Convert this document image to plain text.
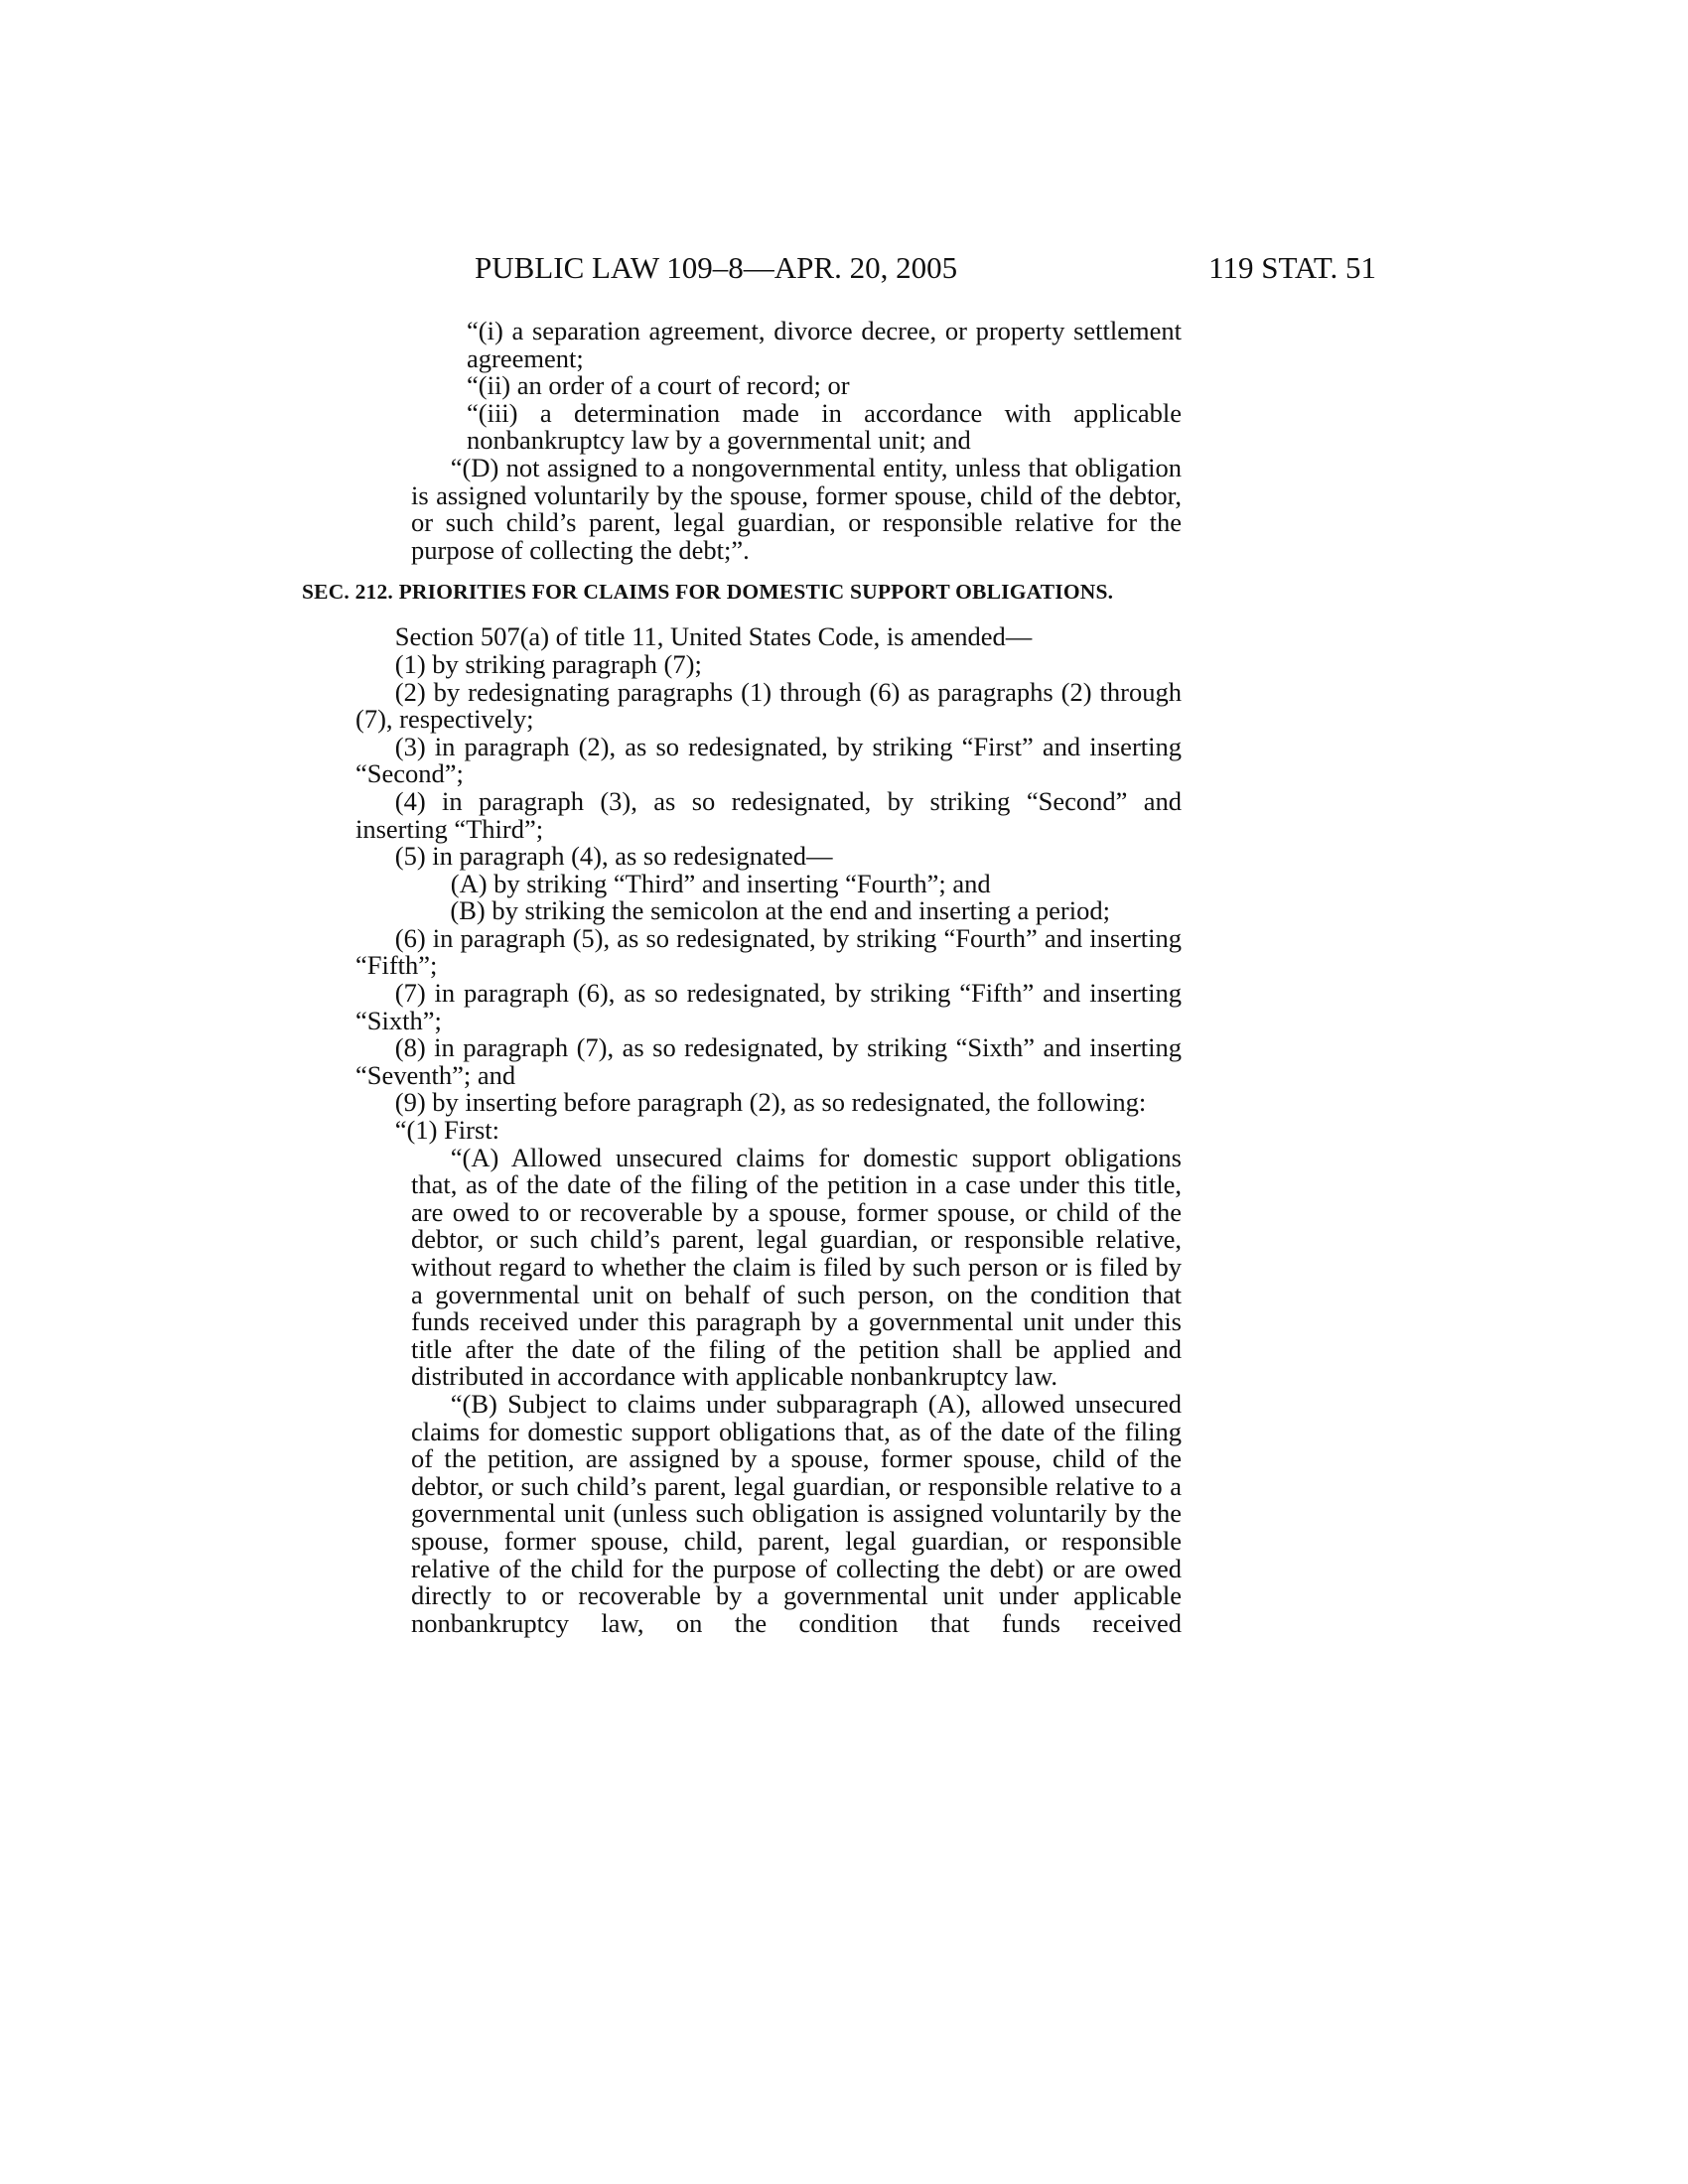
PUBLIC LAW 109–8—APR. 20, 2005	119 STAT. 51

“(i) a separation agreement, divorce decree, or property settlement agreement;

“(ii) an order of a court of record; or

“(iii) a determination made in accordance with applicable nonbankruptcy law by a governmental unit; and

“(D) not assigned to a nongovernmental entity, unless that obligation is assigned voluntarily by the spouse, former spouse, child of the debtor, or such child’s parent, legal guardian, or responsible relative for the purpose of collecting the debt;”.

SEC. 212. PRIORITIES FOR CLAIMS FOR DOMESTIC SUPPORT OBLIGATIONS.

Section 507(a) of title 11, United States Code, is amended—

(1) by striking paragraph (7);

(2) by redesignating paragraphs (1) through (6) as paragraphs (2) through (7), respectively;

(3) in paragraph (2), as so redesignated, by striking “First” and inserting “Second”;

(4) in paragraph (3), as so redesignated, by striking “Second” and inserting “Third”;

(5) in paragraph (4), as so redesignated—

(A) by striking “Third” and inserting “Fourth”; and

(B) by striking the semicolon at the end and inserting a period;

(6) in paragraph (5), as so redesignated, by striking “Fourth” and inserting “Fifth”;

(7) in paragraph (6), as so redesignated, by striking “Fifth” and inserting “Sixth”;

(8) in paragraph (7), as so redesignated, by striking “Sixth” and inserting “Seventh”; and

(9) by inserting before paragraph (2), as so redesignated, the following:

“(1) First:

“(A) Allowed unsecured claims for domestic support obligations that, as of the date of the filing of the petition in a case under this title, are owed to or recoverable by a spouse, former spouse, or child of the debtor, or such child’s parent, legal guardian, or responsible relative, without regard to whether the claim is filed by such person or is filed by a governmental unit on behalf of such person, on the condition that funds received under this paragraph by a governmental unit under this title after the date of the filing of the petition shall be applied and distributed in accordance with applicable nonbankruptcy law.

“(B) Subject to claims under subparagraph (A), allowed unsecured claims for domestic support obligations that, as of the date of the filing of the petition, are assigned by a spouse, former spouse, child of the debtor, or such child’s parent, legal guardian, or responsible relative to a governmental unit (unless such obligation is assigned voluntarily by the spouse, former spouse, child, parent, legal guardian, or responsible relative of the child for the purpose of collecting the debt) or are owed directly to or recoverable by a governmental unit under applicable nonbankruptcy law, on the condition that funds received
